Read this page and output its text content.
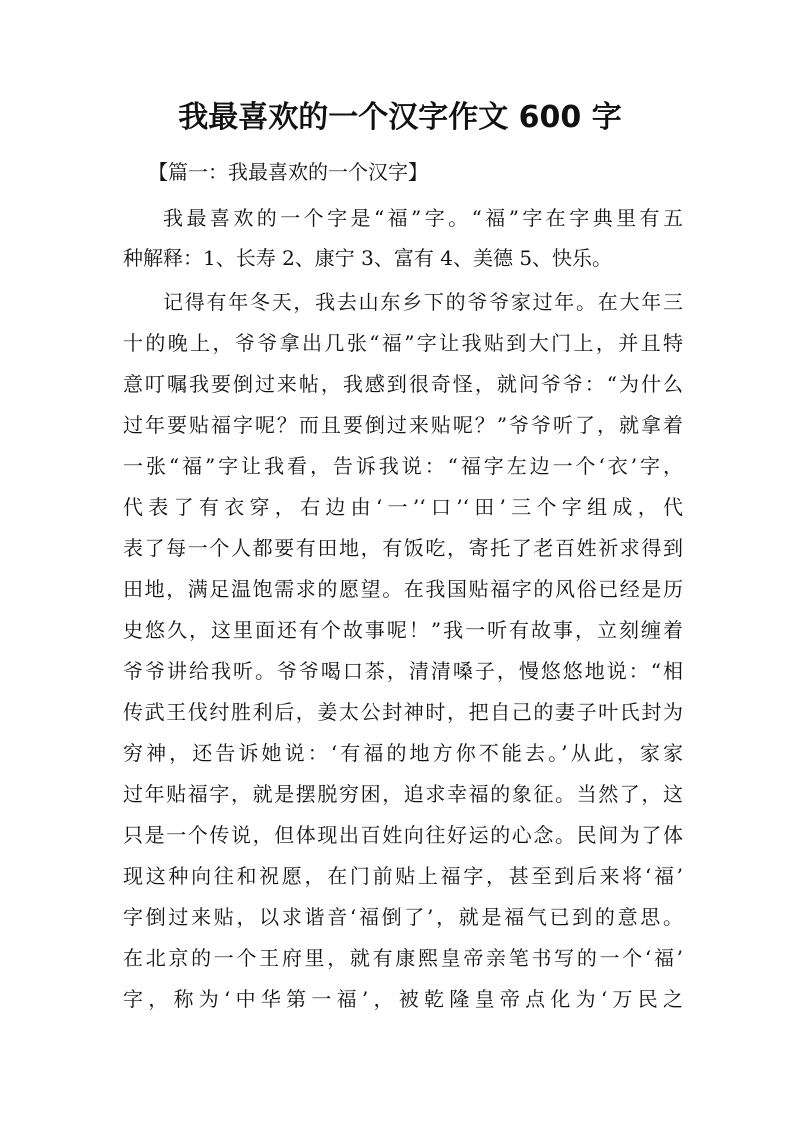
我最喜欢的一个汉字作文 600 字

【篇一：我最喜欢的一个汉字】

我最喜欢的一个字是“福”字。“福”字在字典里有五

种解释：1、长寿 2、康宁 3、富有 4、美德 5、快乐。

记得有年冬天，我去山东乡下的爷爷家过年。在大年三

十的晚上，爷爷拿出几张“福”字让我贴到大门上，并且特

意叮嘱我要倒过来帖，我感到很奇怪，就问爷爷：“为什么

过年要贴福字呢？而且要倒过来贴呢？”爷爷听了，就拿着

一张“福”字让我看，告诉我说：“福字左边一个‘衣’字，

代表了有衣穿，右边由‘一’‘口’‘田’三个字组成，代

表了每一个人都要有田地，有饭吃，寄托了老百姓祈求得到

田地，满足温饱需求的愿望。在我国贴福字的风俗已经是历

史悠久，这里面还有个故事呢！”我一听有故事，立刻缠着

爷爷讲给我听。爷爷喝口茶，清清嗓子，慢悠悠地说：“相

传武王伐纣胜利后，姜太公封神时，把自己的妻子叶氏封为

穷神，还告诉她说：‘有福的地方你不能去。’从此，家家

过年贴福字，就是摆脱穷困，追求幸福的象征。当然了，这

只是一个传说，但体现出百姓向往好运的心念。民间为了体

现这种向往和祝愿，在门前贴上福字，甚至到后来将‘福’

字倒过来贴，以求谐音‘福倒了’，就是福气已到的意思。

在北京的一个王府里，就有康熙皇帝亲笔书写的一个‘福’

字，称为‘中华第一福’，被乾隆皇帝点化为‘万民之
